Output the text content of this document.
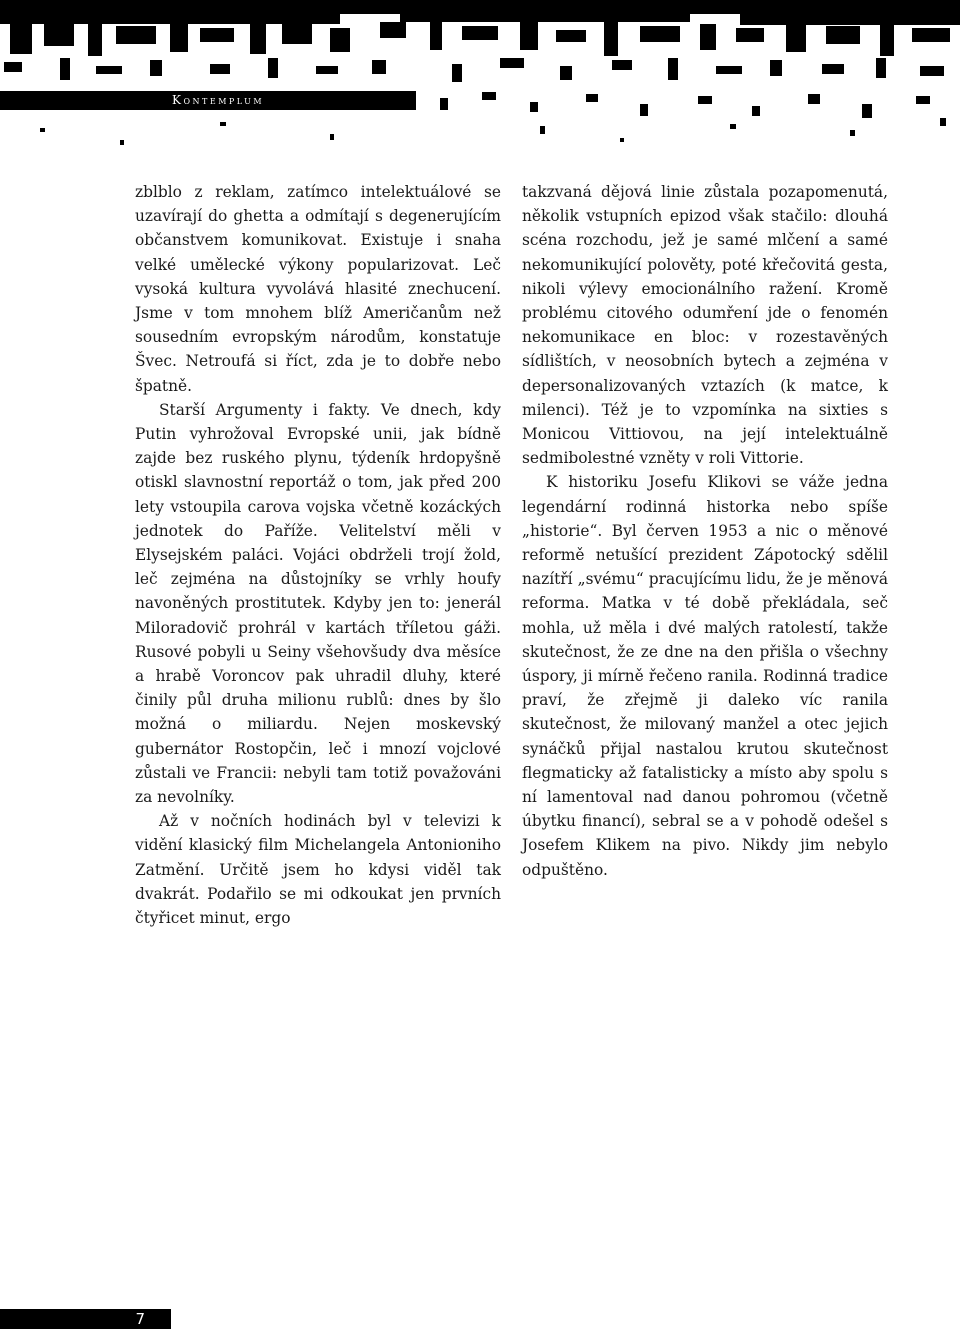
Kontemplum

zblblo z reklam, zatímco intelektuálové se uzavírají do ghetta a odmítají s degenerujícím občanstvem komunikovat. Existuje i snaha velké umělecké výkony popularizovat. Leč vysoká kultura vyvolává hlasité znechucení. Jsme v tom mnohem blíž Američanům než sousedním evropským národům, konstatuje Švec. Netroufá si říct, zda je to dobře nebo špatně.

Starší Argumenty i fakty. Ve dnech, kdy Putin vyhrožoval Evropské unii, jak bídně zajde bez ruského plynu, týdeník hrdopyšně otiskl slavnostní reportáž o tom, jak před 200 lety vstoupila carova vojska včetně kozáckých jednotek do Paříže. Velitelství měli v Elysejském paláci. Vojáci obdrželi trojí žold, leč zejména na důstojníky se vrhly houfy navoněných prostitutek. Kdyby jen to: jenerál Miloradovič prohrál v kartách tříletou gáži. Rusové pobyli u Seiny všehovšudy dva měsíce a hrabě Voroncov pak uhradil dluhy, které činily půl druha milionu rublů: dnes by šlo možná o miliardu. Nejen moskevský gubernátor Rostopčin, leč i mnozí vojclové zůstali ve Francii: nebyli tam totiž považováni za nevolníky.

Až v nočních hodinách byl v televizi k vidění klasický film Michelangela Antonioniho Zatmění. Určitě jsem ho kdysi viděl tak dvakrát. Podařilo se mi odkoukat jen prvních čtyřicet minut, ergo

takzvaná dějová linie zůstala pozapomenutá, několik vstupních epizod však stačilo: dlouhá scéna rozchodu, jež je samé mlčení a samé nekomunikující polověty, poté křečovitá gesta, nikoli výlevy emocionálního ražení. Kromě problému citového odumření jde o fenomén nekomunikace en bloc: v rozestavěných sídlištích, v neosobních bytech a zejména v depersonalizovaných vztazích (k matce, k milenci). Též je to vzpomínka na sixties s Monicou Vittiovou, na její intelektuálně sedmibolestné vzněty v roli Vittorie.

K historiku Josefu Klikovi se váže jedna legendární rodinná historka nebo spíše „historie“. Byl červen 1953 a nic o měnové reformě netušící prezident Zápotocký sdělil nazítří „svému“ pracujícímu lidu, že je měnová reforma. Matka v té době překládala, seč mohla, už měla i dvé malých ratolestí, takže skutečnost, že ze dne na den přišla o všechny úspory, ji mírně řečeno ranila. Rodinná tradice praví, že zřejmě ji daleko víc ranila skutečnost, že milovaný manžel a otec jejich synáčků přijal nastalou krutou skutečnost flegmaticky až fatalisticky a místo aby spolu s ní lamentoval nad danou pohromou (včetně úbytku financí), sebral se a v pohodě odešel s Josefem Klikem na pivo. Nikdy jim nebylo odpuštěno.

7
